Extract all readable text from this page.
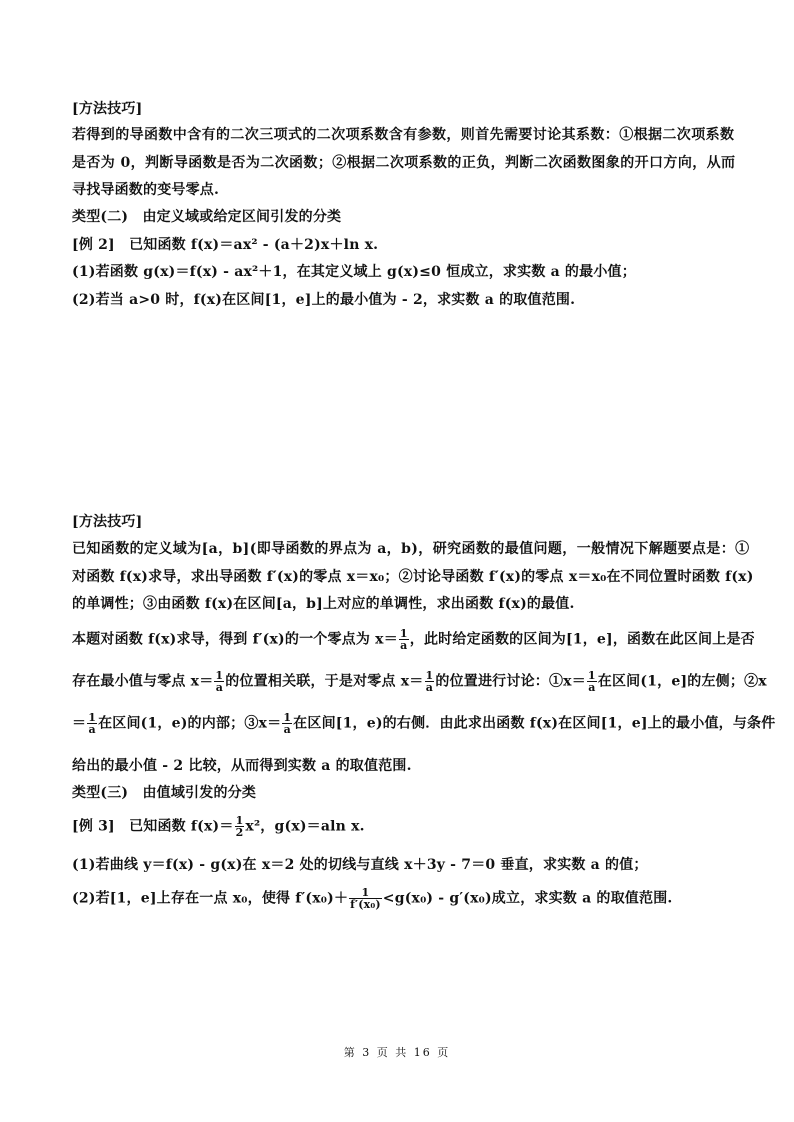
[方法技巧]
若得到的导函数中含有的二次三项式的二次项系数含有参数，则首先需要讨论其系数：①根据二次项系数
是否为 0，判断导函数是否为二次函数；②根据二次项系数的正负，判断二次函数图象的开口方向，从而
寻找导函数的变号零点.
类型(二)　由定义域或给定区间引发的分类
[例 2]　已知函数 f(x)＝ax² - (a＋2)x＋ln x.
(1)若函数 g(x)＝f(x) - ax²＋1，在其定义域上 g(x)≤0 恒成立，求实数 a 的最小值；
(2)若当 a>0 时，f(x)在区间[1，e]上的最小值为 - 2，求实数 a 的取值范围.
[方法技巧]
已知函数的定义域为[a，b](即导函数的界点为 a，b)，研究函数的最值问题，一般情况下解题要点是：①
对函数 f(x)求导，求出导函数 f′(x)的零点 x＝x₀；②讨论导函数 f′(x)的零点 x＝x₀在不同位置时函数 f(x)
的单调性；③由函数 f(x)在区间[a，b]上对应的单调性，求出函数 f(x)的最值.
本题对函数 f(x)求导，得到 f′(x)的一个零点为 $x= \frac{1}{a}$ ，此时给定函数的区间为[1，e]，函数在此区间上是否
存在最小值与零点 $x= \frac{1}{a}$ 的位置相关联，于是对零点 $x= \frac{1}{a}$ 的位置进行讨论：①x＝ $\frac{1}{a}$ 在区间(1，e]的左侧；②x
＝ $\frac{1}{a}$ 在区间(1，e)的内部；③x＝ $\frac{1}{a}$ 在区间[1，e)的右侧．由此求出函数 f(x)在区间[1，e]上的最小值，与条件
给出的最小值 - 2 比较，从而得到实数 a 的取值范围.
类型(三)　由值域引发的分类
[例 3]　已知函数 $f(x)= \frac{1}{2} x^2$，g(x)＝aln x.
(1)若曲线 y＝f(x) - g(x)在 x＝2 处的切线与直线 x＋3y - 7＝0 垂直，求实数 a 的值；
(2)若[1，e]上存在一点 x₀，使得 $f'(x_0)+ \frac{1}{\text{f′(x₀)}} <g(x_0) - g'(x_0)$成立，求实数 a 的取值范围.
第 3 页 共 16 页
